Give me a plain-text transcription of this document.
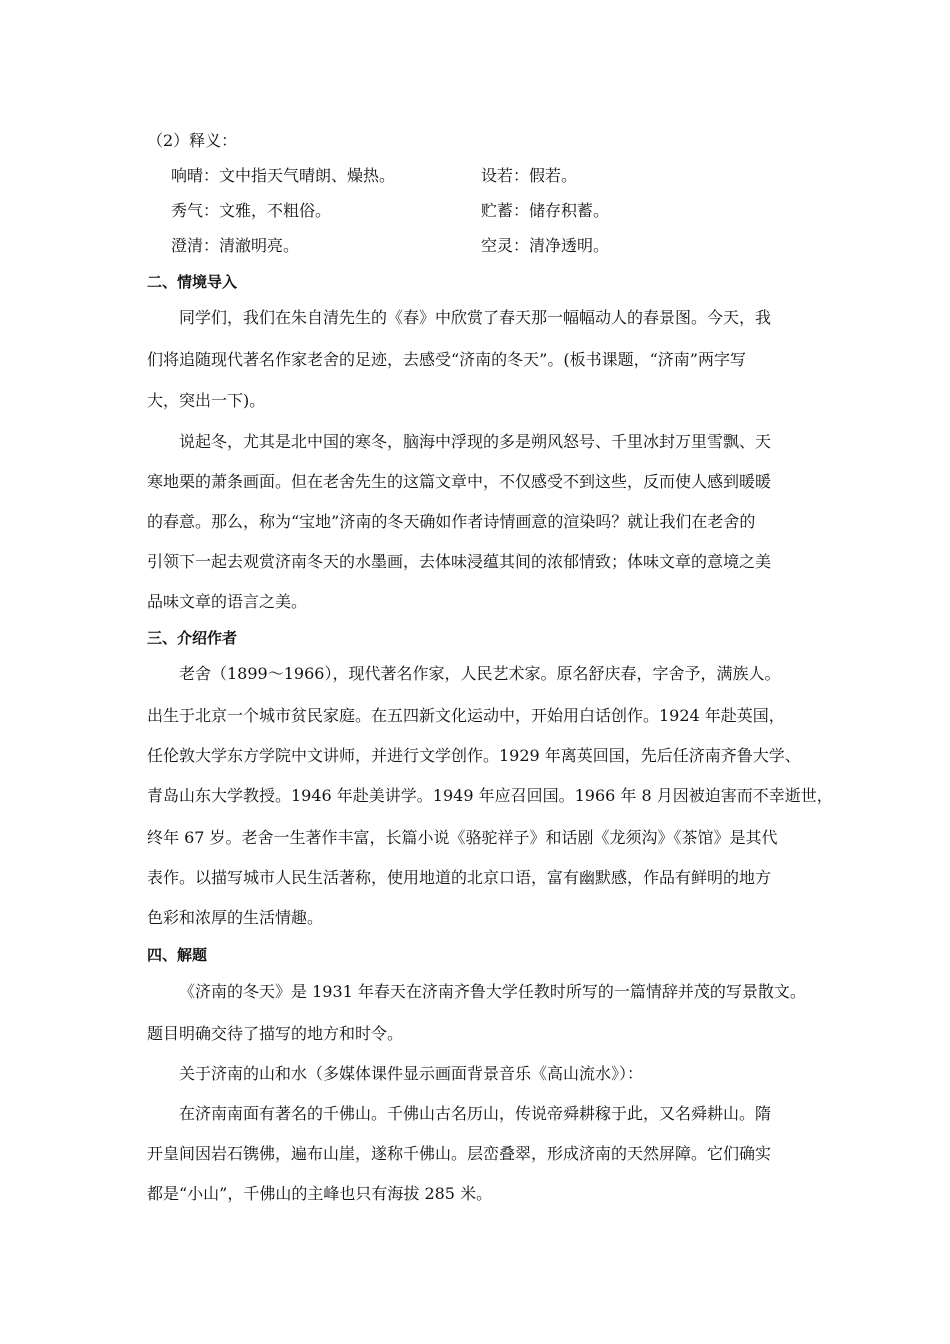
（2）释义：
响晴：文中指天气晴朗、燥热。	设若：假若。
秀气：文雅，不粗俗。	贮蓄：储存积蓄。
澄清：清澈明亮。	空灵：清净透明。
二、情境导入
同学们，我们在朱自清先生的《春》中欣赏了春天那一幅幅动人的春景图。今天，我
们将追随现代著名作家老舍的足迹，去感受“济南的冬天”。(板书课题，“济南”两字写
大，突出一下)。
说起冬，尤其是北中国的寒冬，脑海中浮现的多是朔风怒号、千里冰封万里雪飘、天
寒地栗的萧条画面。但在老舍先生的这篇文章中，不仅感受不到这些，反而使人感到暖暖
的春意。那么，称为“宝地”济南的冬天确如作者诗情画意的渲染吗？就让我们在老舍的
引领下一起去观赏济南冬天的水墨画，去体味浸蕴其间的浓郁情致；体味文章的意境之美
品味文章的语言之美。
三、介绍作者
老舍（1899～1966），现代著名作家，人民艺术家。原名舒庆春，字舍予，满族人。
出生于北京一个城市贫民家庭。在五四新文化运动中，开始用白话创作。1924 年赴英国，
任伦敦大学东方学院中文讲师，并进行文学创作。1929 年离英回国，先后任济南齐鲁大学、
青岛山东大学教授。1946 年赴美讲学。1949 年应召回国。1966 年 8 月因被迫害而不幸逝世，
终年 67 岁。老舍一生著作丰富，长篇小说《骆驼祥子》和话剧《龙须沟》《茶馆》是其代
表作。以描写城市人民生活著称，使用地道的北京口语，富有幽默感，作品有鲜明的地方
色彩和浓厚的生活情趣。
四、解题
《济南的冬天》是 1931 年春天在济南齐鲁大学任教时所写的一篇情辞并茂的写景散文。
题目明确交待了描写的地方和时令。
关于济南的山和水（多媒体课件显示画面背景音乐《高山流水》）：
在济南南面有著名的千佛山。千佛山古名历山，传说帝舜耕稼于此，又名舜耕山。隋
开皇间因岩石镌佛，遍布山崖，遂称千佛山。层峦叠翠，形成济南的天然屏障。它们确实
都是“小山”，千佛山的主峰也只有海拔 285 米。
